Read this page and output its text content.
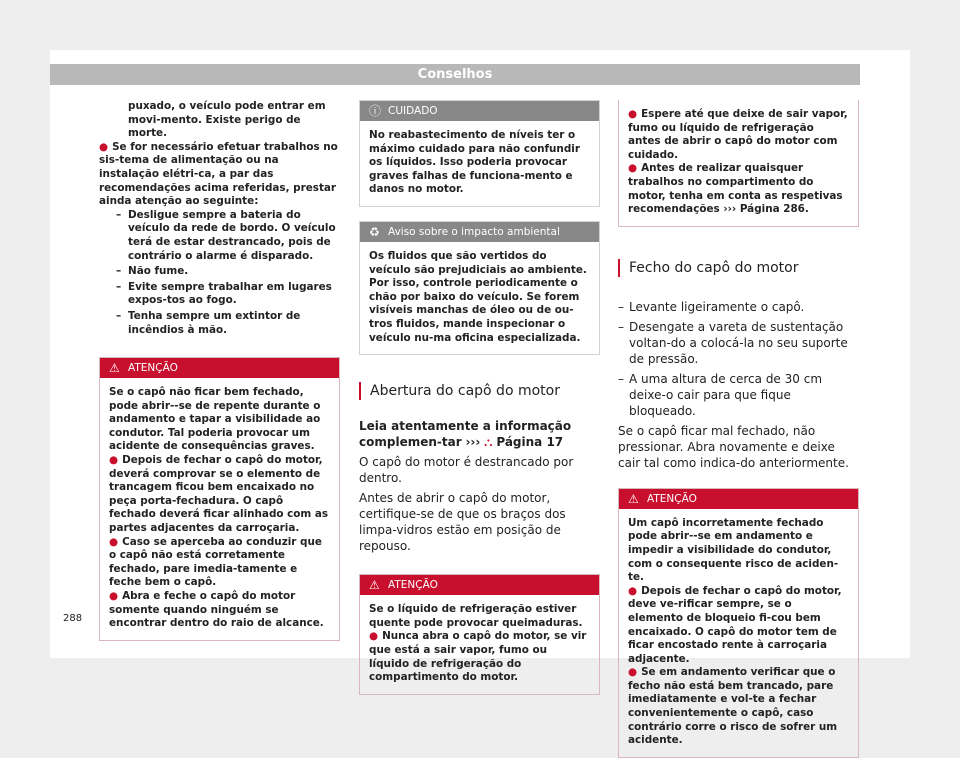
Conselhos

puxado, o veículo pode entrar em movi-mento. Existe perigo de morte.

● Se for necessário efetuar trabalhos no sis-tema de alimentação ou na instalação elétri-ca, a par das recomendações acima referidas, prestar ainda atenção ao seguinte:

– Desligue sempre a bateria do veículo da rede de bordo. O veículo terá de estar destrancado, pois de contrário o alarme é disparado.
– Não fume.
– Evite sempre trabalhar em lugares expos-tos ao fogo.
– Tenha sempre um extintor de incêndios à mão.
⚠ ATENÇÃO

Se o capô não ficar bem fechado, pode abrir--se de repente durante o andamento e tapar a visibilidade ao condutor. Tal poderia provocar um acidente de consequências graves.

● Depois de fechar o capô do motor, deverá comprovar se o elemento de trancagem ficou bem encaixado no peça porta-fechadura. O capô fechado deverá ficar alinhado com as partes adjacentes da carroçaria.

● Caso se aperceba ao conduzir que o capô não está corretamente fechado, pare imedia-tamente e feche bem o capô.

● Abra e feche o capô do motor somente quando ninguém se encontrar dentro do raio de alcance.

ⓘ CUIDADO

No reabastecimento de níveis ter o máximo cuidado para não confundir os líquidos. Isso poderia provocar graves falhas de funciona-mento e danos no motor.

♻ Aviso sobre o impacto ambiental

Os fluidos que são vertidos do veículo são prejudiciais ao ambiente. Por isso, controle periodicamente o chão por baixo do veículo. Se forem visíveis manchas de óleo ou de ou-tros fluidos, mande inspecionar o veículo nu-ma oficina especializada.

Abertura do capô do motor

Leia atentamente a informação complemen-tar ››› ⛬ Página 17

O capô do motor é destrancado por dentro.

Antes de abrir o capô do motor, certifique-se de que os braços dos limpa-vidros estão em posição de repouso.

⚠ ATENÇÃO

Se o líquido de refrigeração estiver quente pode provocar queimaduras.

● Nunca abra o capô do motor, se vir que está a sair vapor, fumo ou líquido de refrigeração do compartimento do motor.

● Espere até que deixe de sair vapor, fumo ou líquido de refrigeração antes de abrir o capô do motor com cuidado.

● Antes de realizar quaisquer trabalhos no compartimento do motor, tenha em conta as respetivas recomendações ››› Página 286.

Fecho do capô do motor

– Levante ligeiramente o capô.

– Desengate a vareta de sustentação voltan-do a colocá-la no seu suporte de pressão.

– A uma altura de cerca de 30 cm deixe-o cair para que fique bloqueado.

Se o capô ficar mal fechado, não pressionar. Abra novamente e deixe cair tal como indica-do anteriormente.

⚠ ATENÇÃO

Um capô incorretamente fechado pode abrir--se em andamento e impedir a visibilidade do condutor, com o consequente risco de aciden-te.

● Depois de fechar o capô do motor, deve ve-rificar sempre, se o elemento de bloqueio fi-cou bem encaixado. O capô do motor tem de ficar encostado rente à carroçaria adjacente.

● Se em andamento verificar que o fecho não está bem trancado, pare imediatamente e vol-te a fechar convenientemente o capô, caso contrário corre o risco de sofrer um acidente.

288
